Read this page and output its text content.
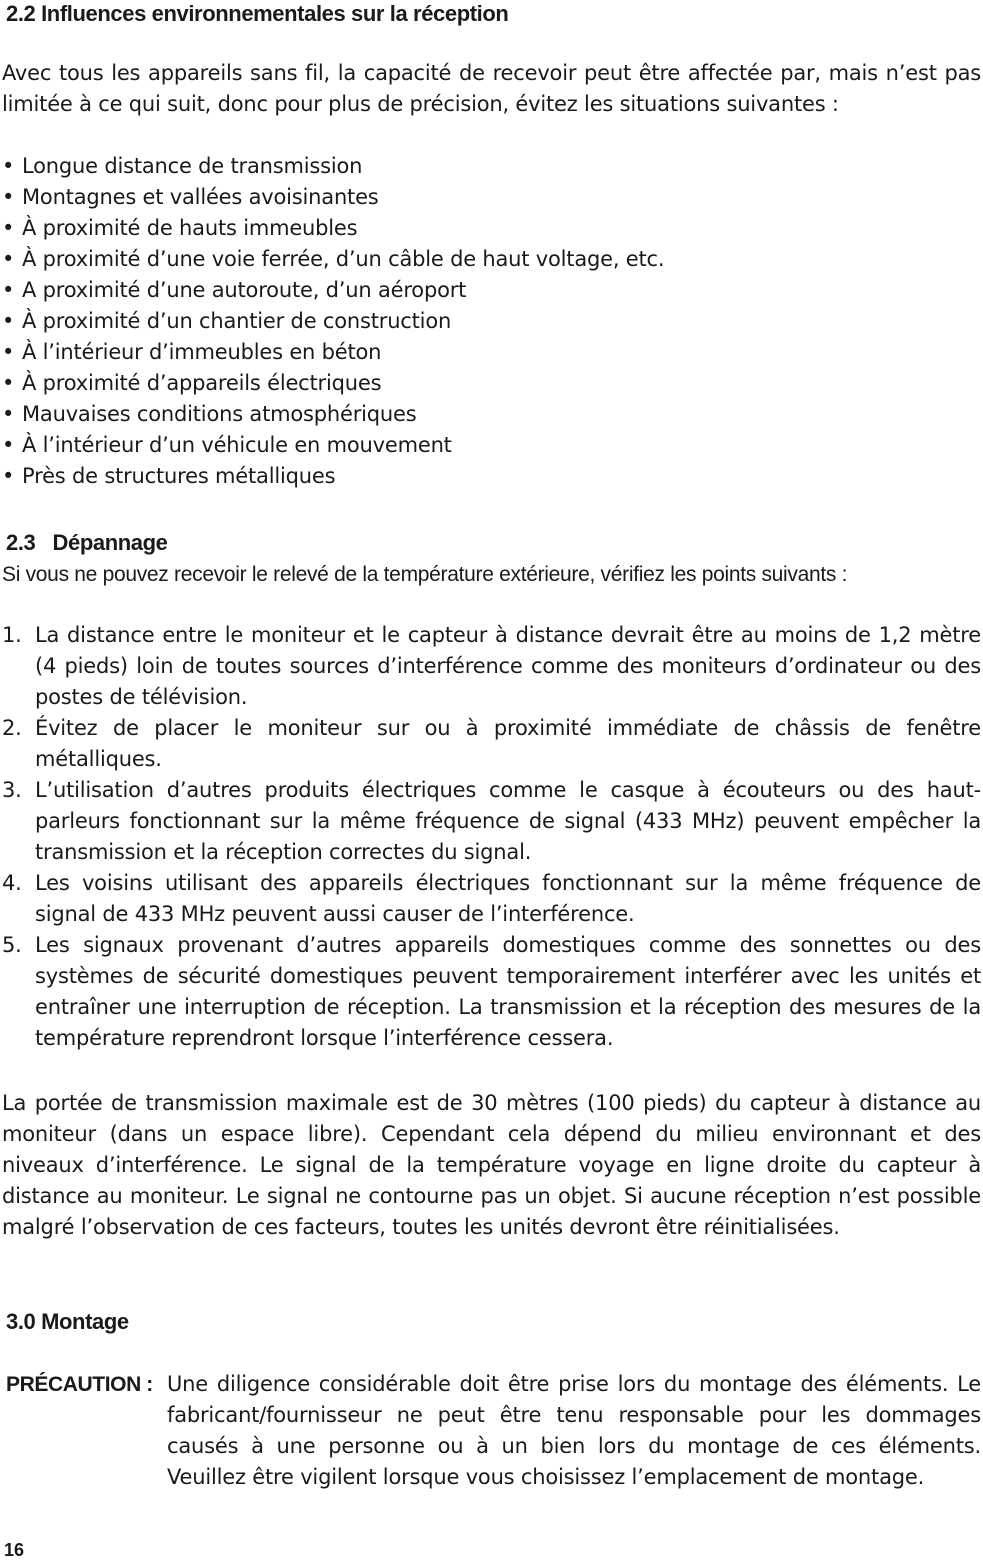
2.2 Influences environnementales sur la réception

Avec tous les appareils sans fil, la capacité de recevoir peut être affectée par, mais n’est pas limitée à ce qui suit, donc pour plus de précision, évitez les situations suivantes :

• Longue distance de transmission
• Montagnes et vallées avoisinantes
• À proximité de hauts immeubles
• À proximité d’une voie ferrée, d’un câble de haut voltage, etc.
• A proximité d’une autoroute, d’un aéroport
• À proximité d’un chantier de construction
• À l’intérieur d’immeubles en béton
• À proximité d’appareils électriques
• Mauvaises conditions atmosphériques
• À l’intérieur d’un véhicule en mouvement
• Près de structures métalliques
2.3   Dépannage
Si vous ne pouvez recevoir le relevé de la température extérieure, vérifiez les points suivants :
1. La distance entre le moniteur et le capteur à distance devrait être au moins de 1,2 mètre (4 pieds) loin de toutes sources d’interférence comme des moniteurs d’ordinateur ou des postes de télévision.
2. Évitez de placer le moniteur sur ou à proximité immédiate de châssis de fenêtre métalliques.
3. L’utilisation d’autres produits électriques comme le casque à écouteurs ou des haut-parleurs fonctionnant sur la même fréquence de signal (433 MHz) peuvent empêcher la transmission et la réception correctes du signal.
4. Les voisins utilisant des appareils électriques fonctionnant sur la même fréquence de signal de 433 MHz peuvent aussi causer de l’interférence.
5. Les signaux provenant d’autres appareils domestiques comme des sonnettes ou des systèmes de sécurité domestiques peuvent temporairement interférer avec les unités et entraîner une interruption de réception. La transmission et la réception des mesures de la température reprendront lorsque l’interférence cessera.

La portée de transmission maximale est de 30 mètres (100 pieds) du capteur à distance au moniteur (dans un espace libre). Cependant cela dépend du milieu environnant et des niveaux d’interférence. Le signal de la température voyage en ligne droite du capteur à distance au moniteur. Le signal ne contourne pas un objet. Si aucune réception n’est possible malgré l’observation de ces facteurs, toutes les unités devront être réinitialisées.

3.0 Montage
PRÉCAUTION : Une diligence considérable doit être prise lors du montage des éléments. Le fabricant/fournisseur ne peut être tenu responsable pour les dommages causés à une personne ou à un bien lors du montage de ces éléments. Veuillez être vigilent lorsque vous choisissez l’emplacement de montage.
16
